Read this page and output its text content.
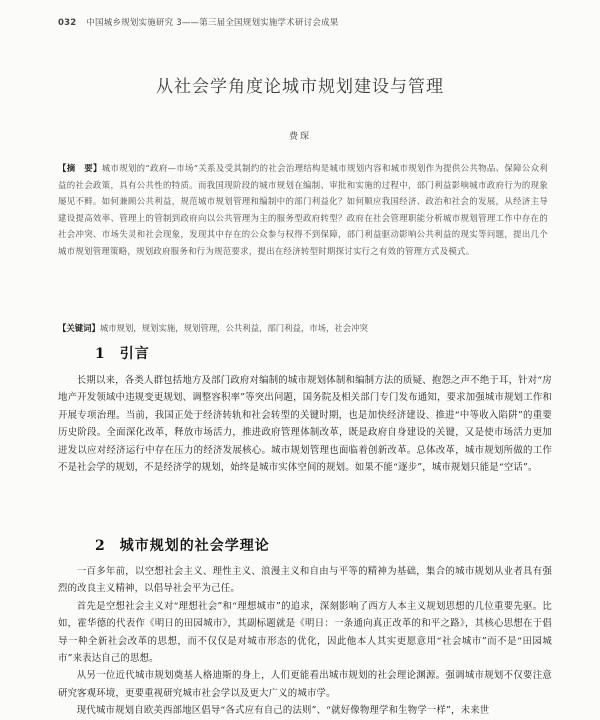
032 中国城乡规划实施研究 3——第三届全国规划实施学术研讨会成果
从社会学角度论城市规划建设与管理
费琛
【摘　要】城市规划的“政府—市场”关系及受其制约的社会治理结构是城市规划内容和城市规划作为提供公共物品、保障公众利益的社会政策，具有公共性的特质。而我国现阶段的城市规划在编制、审批和实施的过程中，部门利益影响城市政府行为的现象屡见不鲜。如何兼顾公共利益，规范城市规划管理和编制中的部门利益化？如何顺应我国经济、政治和社会的发展，从经济主导建设提高效率、管理上的管制到政府向以公共管理为主的服务型政府转型？政府在社会管理职能分析城市规划管理工作中存在的社会冲突、市场失灵和社会现象，发现其中存在的公众参与权得不到保障，部门利益驱动影响公共利益的现实等问题，提出几个城市规划管理策略，规划政府服务和行为规范要求，提出在经济转型时期探讨实行之有效的管理方式及模式。
【关键词】城市规划，规划实施，规划管理，公共利益，部门利益，市场，社会冲突
1 引言

长期以来，各类人群包括地方及部门政府对编制的城市规划体制和编制方法的质疑、抱怨之声不绝于耳，针对“房地产开发领域中违规变更规划、调整容积率”等突出问题，国务院及相关部门专门发布通知，要求加强城市规划工作和开展专项治理。当前，我国正处于经济转轨和社会转型的关键时期，也是加快经济建设、推进“中等收入陷阱”的重要历史阶段。全面深化改革，释放市场活力，推进政府管理体制改革，既是政府自身建设的关键，又是使市场活力更加迸发以应对经济运行中存在压力的经济发展核心。城市规划管理也面临着创新改革。总体改革，城市规划所做的工作不是社会学的规划，不是经济学的规划，始终是城市实体空间的规划。如果不能“逐步”，城市规划只能是“空话”。

2 城市规划的社会学理论

一百多年前，以空想社会主义、理性主义、浪漫主义和自由与平等的精神为基础，集合的城市规划从业者具有强烈的改良主义精神，以倡导社会平为己任。

首先是空想社会主义对“理想社会”和“理想城市”的追求，深刻影响了西方人本主义规划思想的几位重要先驱。比如，霍华德的代表作《明日的田园城市》，其副标题就是《明日：一条通向真正改革的和平之路》，其核心思想在于倡导一种全新社会改革的思想，而不仅仅是对城市形态的优化，因此他本人其实更愿意用“社会城市”而不是“田园城市”来表达自己的思想。

从另一位近代城市规划奠基人格迪斯的身上，人们更能看出城市规划的社会理论渊源。强调城市规划不仅要注意研究客观环境，更要重视研究城市社会学以及更大广义的城市学。

现代城市规划自欧美西部地区倡导“各式应有自己的法则”、“就好像物理学和生物学一样”，未来世
